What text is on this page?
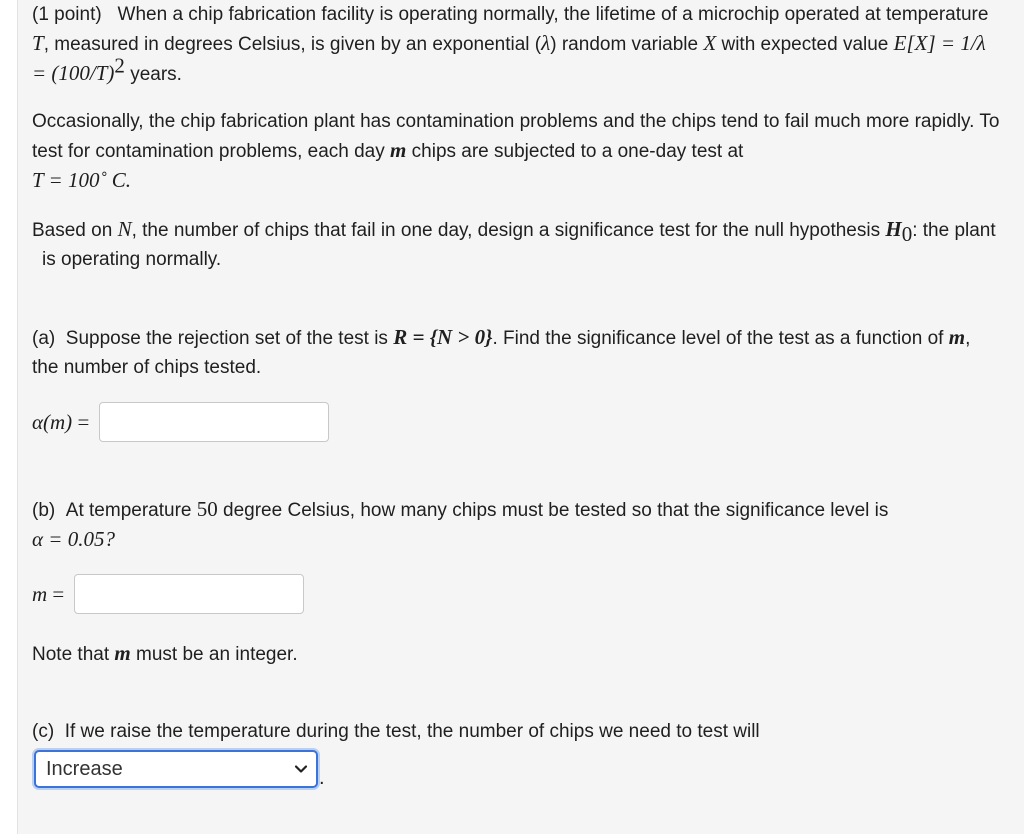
(1 point) When a chip fabrication facility is operating normally, the lifetime of a microchip operated at temperature T, measured in degrees Celsius, is given by an exponential (λ) random variable X with expected value $E[X] = 1/\lambda = (100/T)^2$ years.

Occasionally, the chip fabrication plant has contamination problems and the chips tend to fail much more rapidly. To test for contamination problems, each day m chips are subjected to a one-day test at
T = 100˚ C.

Based on N, the number of chips that fail in one day, design a significance test for the null hypothesis $H_0$: the plant is operating normally.

(a) Suppose the rejection set of the test is R = {N > 0}. Find the significance level of the test as a function of m, the number of chips tested.

α(m) =

(b) At temperature 50 degree Celsius, how many chips must be tested so that the significance level is
α = 0.05?

m =

Note that m must be an integer.

(c) If we raise the temperature during the test, the number of chips we need to test will

Increase	.
